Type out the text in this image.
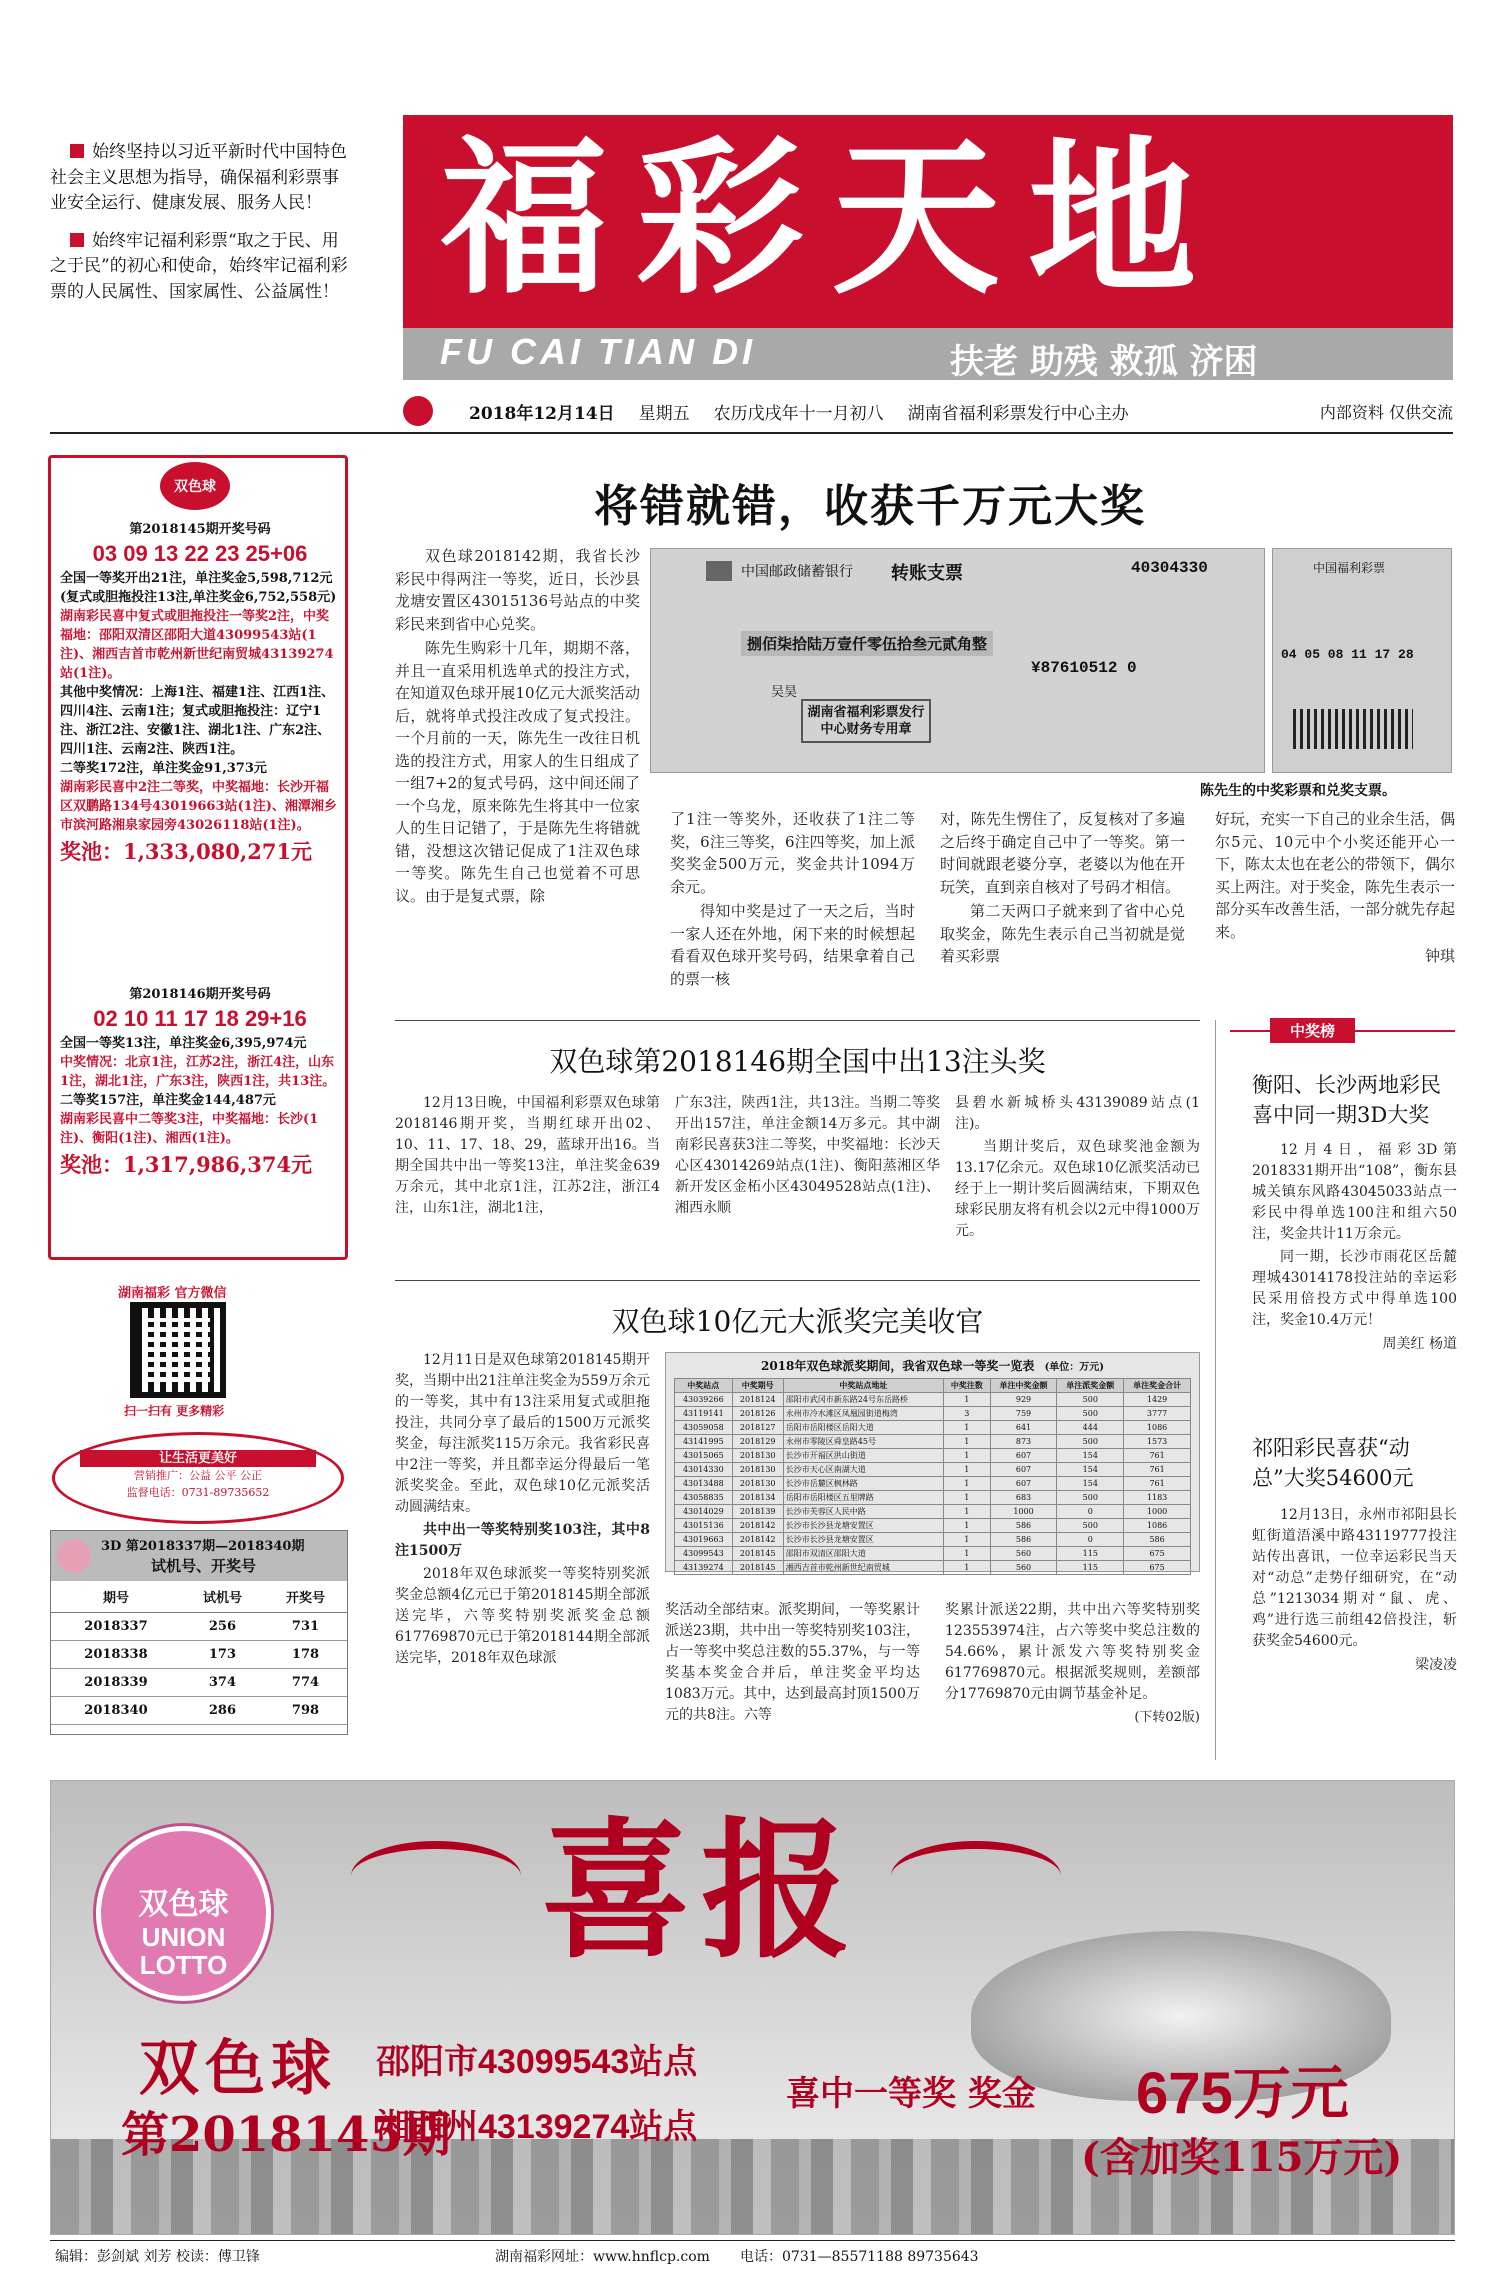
始终坚持以习近平新时代中国特色社会主义思想为指导，确保福利彩票事业安全运行、健康发展、服务人民！

始终牢记福利彩票“取之于民、用之于民”的初心和使命，始终牢记福利彩票的人民属性、国家属性、公益属性！ 福彩天地
FU CAI TIAN DI	扶老 助残 救孤 济困
2018年12月14日 星期五 农历戊戌年十一月初八 湖南省福利彩票发行中心主办	内部资料 仅供交流
双色球
第2018145期开奖号码
03 09 13 22 23 25+06
全国一等奖开出21注，单注奖金5,598,712元(复式或胆拖投注13注,单注奖金6,752,558元)
湖南彩民喜中复式或胆拖投注一等奖2注，中奖福地：邵阳双清区邵阳大道43099543站(1注)、湘西吉首市乾州新世纪南贸城43139274站(1注)。
其他中奖情况：上海1注、福建1注、江西1注、四川4注、云南1注；复式或胆拖投注：辽宁1注、浙江2注、安徽1注、湖北1注、广东2注、四川1注、云南2注、陕西1注。
二等奖172注，单注奖金91,373元
湖南彩民喜中2注二等奖，中奖福地：长沙开福区双鹏路134号43019663站(1注)、湘潭湘乡市滨河路湘泉家园旁43026118站(1注)。
奖池：1,333,080,271元
第2018146期开奖号码
02 10 11 17 18 29+16
全国一等奖13注，单注奖金6,395,974元
中奖情况：北京1注，江苏2注，浙江4注，山东1注，湖北1注，广东3注，陕西1注，共13注。
二等奖157注，单注奖金144,487元
湖南彩民喜中二等奖3注，中奖福地：长沙(1注)、衡阳(1注)、湘西(1注)。
奖池：1,317,986,374元
湖南福彩 官方微信
扫一扫有 更多精彩
让生活更美好
营销推广：公益 公平 公正
监督电话：0731-89735652
3D 第2018337期—2018340期
试机号、开奖号
期号	试机号	开奖号
2018337	256	731
2018338	173	178
2018339	374	774
2018340	286	798
将错就错，收获千万元大奖

双色球2018142期，我省长沙彩民中得两注一等奖，近日，长沙县龙塘安置区43015136号站点的中奖彩民来到省中心兑奖。

陈先生购彩十几年，期期不落，并且一直采用机选单式的投注方式，在知道双色球开展10亿元大派奖活动后，就将单式投注改成了复式投注。一个月前的一天，陈先生一改往日机选的投注方式，用家人的生日组成了一组7+2的复式号码，这中间还闹了一个乌龙，原来陈先生将其中一位家人的生日记错了，于是陈先生将错就错，没想这次错记促成了1注双色球一等奖。陈先生自己也觉着不可思议。由于是复式票，除

中国邮政储蓄银行 转账支票	40304330
捌佰柒拾陆万壹仟零伍拾叁元贰角整
¥87610512 0
吴昊
湖南省福利彩票发行中心财务专用章
中国福利彩票
04 05 08 11 17 28
陈先生的中奖彩票和兑奖支票。

了1注一等奖外，还收获了1注二等奖，6注三等奖，6注四等奖，加上派奖奖金500万元，奖金共计1094万余元。

得知中奖是过了一天之后，当时一家人还在外地，闲下来的时候想起看看双色球开奖号码，结果拿着自己的票一核

对，陈先生愣住了，反复核对了多遍之后终于确定自己中了一等奖。第一时间就跟老婆分享，老婆以为他在开玩笑，直到亲自核对了号码才相信。

第二天两口子就来到了省中心兑取奖金，陈先生表示自己当初就是觉着买彩票

好玩，充实一下自己的业余生活，偶尔5元、10元中个小奖还能开心一下，陈太太也在老公的带领下，偶尔买上两注。对于奖金，陈先生表示一部分买车改善生活，一部分就先存起来。

钟琪
双色球第2018146期全国中出13注头奖

12月13日晚，中国福利彩票双色球第2018146期开奖，当期红球开出02、10、11、17、18、29，蓝球开出16。当期全国共中出一等奖13注，单注奖金639万余元，其中北京1注，江苏2注，浙江4注，山东1注，湖北1注，

广东3注，陕西1注，共13注。当期二等奖开出157注，单注金额14万多元。其中湖南彩民喜获3注二等奖，中奖福地：长沙天心区43014269站点(1注)、衡阳蒸湘区华新开发区金柘小区43049528站点(1注)、湘西永顺

县碧水新城桥头43139089站点(1注)。

当期计奖后，双色球奖池金额为13.17亿余元。双色球10亿派奖活动已经于上一期计奖后圆满结束，下期双色球彩民朋友将有机会以2元中得1000万元。

双色球10亿元大派奖完美收官

12月11日是双色球第2018145期开奖，当期中出21注单注奖金为559万余元的一等奖，其中有13注采用复式或胆拖投注，共同分享了最后的1500万元派奖奖金，每注派奖115万余元。我省彩民喜中2注一等奖，并且都幸运分得最后一笔派奖奖金。至此，双色球10亿元派奖活动圆满结束。

共中出一等奖特别奖103注，其中8注1500万

2018年双色球派奖一等奖特别奖派奖金总额4亿元已于第2018145期全部派送完毕，六等奖特别奖派奖金总额617769870元已于第2018144期全部派送完毕，2018年双色球派

2018年双色球派奖期间，我省双色球一等奖一览表 (单位：万元)
中奖站点	中奖期号	中奖站点地址	中奖注数	单注中奖金额	单注派奖金额	单注奖金合计
43039266	2018124	邵阳市武冈市新东路24号东岳路桥	1	929	500	1429
43119141	2018126	永州市冷水滩区凤凰园街道梅湾	3	759	500	3777
43059058	2018127	岳阳市岳阳楼区岳阳大道	1	641	444	1086
43141995	2018129	永州市零陵区舜皇路45号	1	873	500	1573
43015065	2018130	长沙市开福区洪山街道	1	607	154	761
43014330	2018130	长沙市天心区南湖大道	1	607	154	761
43013488	2018130	长沙市岳麓区枫林路	1	607	154	761
43058835	2018134	岳阳市岳阳楼区五里牌路	1	683	500	1183
43014029	2018139	长沙市芙蓉区人民中路	1	1000	0	1000
43015136	2018142	长沙市长沙县龙塘安置区	1	586	500	1086
43019663	2018142	长沙市长沙县龙塘安置区	1	586	0	586
43099543	2018145	邵阳市双清区邵阳大道	1	560	115	675
43139274	2018145	湘西吉首市乾州新世纪南贸城	1	560	115	675

奖活动全部结束。派奖期间，一等奖累计派送23期，共中出一等奖特别奖103注，占一等奖中奖总注数的55.37%，与一等奖基本奖金合并后，单注奖金平均达1083万元。其中，达到最高封顶1500万元的共8注。六等

奖累计派送22期，共中出六等奖特别奖123553974注，占六等奖中奖总注数的54.66%，累计派发六等奖特别奖金617769870元。根据派奖规则，差额部分17769870元由调节基金补足。

(下转02版)
中奖榜
衡阳、长沙两地彩民喜中同一期3D大奖

12月4日，福彩3D第2018331期开出“108”，衡东县城关镇东风路43045033站点一彩民中得单选100注和组六50注，奖金共计11万余元。

同一期，长沙市雨花区岳麓理城43014178投注站的幸运彩民采用倍投方式中得单选100注，奖金10.4万元！

周美红 杨道
祁阳彩民喜获“动总”大奖54600元

12月13日，永州市祁阳县长虹街道浯溪中路43119777投注站传出喜讯，一位幸运彩民当天对“动总”走势仔细研究，在“动总”1213034期对“鼠、虎、鸡”进行选三前组42倍投注，斩获奖金54600元。

梁凌凌
双色球
UNION
LOTTO 喜报
双色球
第2018145期
邵阳市43099543站点
湘西州43139274站点
喜中一等奖 奖金 675万元
(含加奖115万元)
编辑：彭剑斌 刘芳 校读：傅卫锋	湖南福彩网址：www.hnflcp.com 电话：0731—85571188 89735643
